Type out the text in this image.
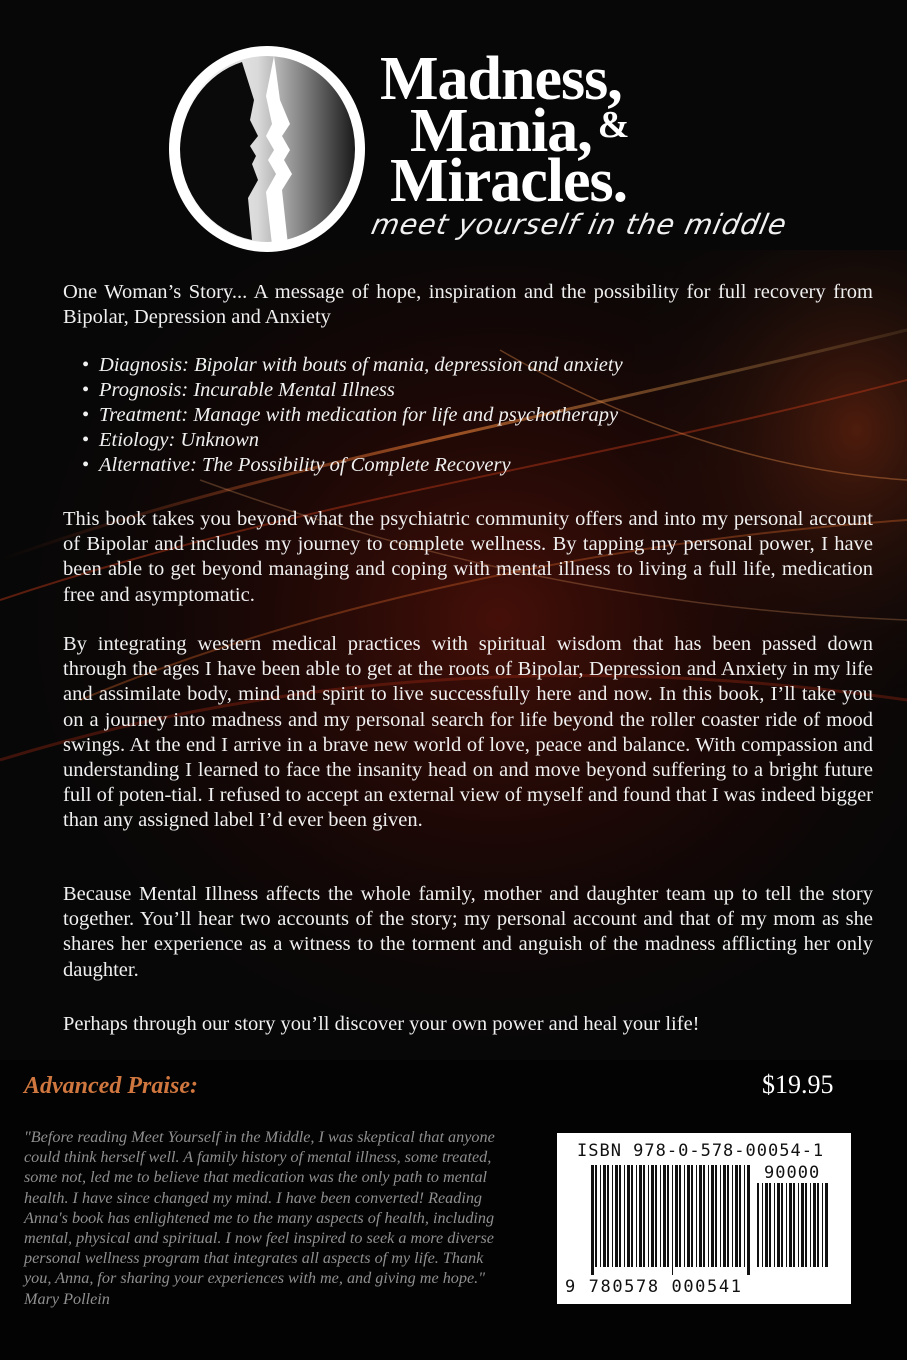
Madness,
Mania, &
Miracles.
meet yourself in the middle

One Woman’s Story... A message of hope, inspiration and the possibility for full recovery from Bipolar, Depression and Anxiety

• Diagnosis: Bipolar with bouts of mania, depression and anxiety
• Prognosis: Incurable Mental Illness
• Treatment: Manage with medication for life and psychotherapy
• Etiology: Unknown
• Alternative: The Possibility of Complete Recovery

This book takes you beyond what the psychiatric community offers and into my personal account of Bipolar and includes my journey to complete wellness. By tapping my personal power, I have been able to get beyond managing and coping with mental illness to living a full life, medication free and asymptomatic.

By integrating western medical practices with spiritual wisdom that has been passed down through the ages I have been able to get at the roots of Bipolar, Depression and Anxiety in my life and assimilate body, mind and spirit to live successfully here and now. In this book, I’ll take you on a journey into madness and my personal search for life beyond the roller coaster ride of mood swings. At the end I arrive in a brave new world of love, peace and balance. With compassion and understanding I learned to face the insanity head on and move beyond suffering to a bright future full of poten-tial. I refused to accept an external view of myself and found that I was indeed bigger than any assigned label I’d ever been given.

Because Mental Illness affects the whole family, mother and daughter team up to tell the story together. You’ll hear two accounts of the story; my personal account and that of my mom as she shares her experience as a witness to the torment and anguish of the madness afflicting her only daughter.

Perhaps through our story you’ll discover your own power and heal your life!

Advanced Praise:	$19.95

"Before reading Meet Yourself in the Middle, I was skeptical that anyone could think herself well. A family history of mental illness, some treated, some not, led me to believe that medication was the only path to mental health. I have since changed my mind. I have been converted! Reading Anna's book has enlightened me to the many aspects of health, including mental, physical and spiritual. I now feel inspired to seek a more diverse personal wellness program that integrates all aspects of my life. Thank you, Anna, for sharing your experiences with me, and giving me hope." Mary Pollein

ISBN 978-0-578-00054-1
90000
9 780578 000541
